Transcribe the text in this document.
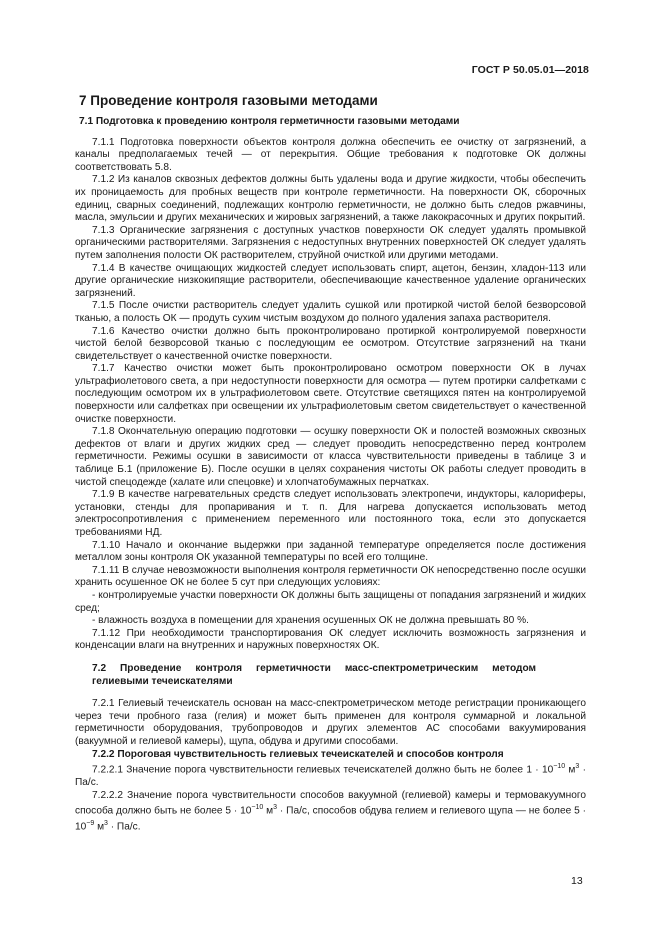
ГОСТ Р 50.05.01—2018

7 Проведение контроля газовыми методами

7.1 Подготовка к проведению контроля герметичности газовыми методами

7.1.1 Подготовка поверхности объектов контроля должна обеспечить ее очистку от загрязнений, а каналы предполагаемых течей — от перекрытия. Общие требования к подготовке ОК должны соответствовать 5.8.

7.1.2 Из каналов сквозных дефектов должны быть удалены вода и другие жидкости, чтобы обеспечить их проницаемость для пробных веществ при контроле герметичности. На поверхности ОК, сборочных единиц, сварных соединений, подлежащих контролю герметичности, не должно быть следов ржавчины, масла, эмульсии и других механических и жировых загрязнений, а также лакокрасочных и других покрытий.

7.1.3 Органические загрязнения с доступных участков поверхности ОК следует удалять промывкой органическими растворителями. Загрязнения с недоступных внутренних поверхностей ОК следует удалять путем заполнения полости ОК растворителем, струйной очисткой или другими методами.

7.1.4 В качестве очищающих жидкостей следует использовать спирт, ацетон, бензин, хладон-113 или другие органические низкокипящие растворители, обеспечивающие качественное удаление органических загрязнений.

7.1.5 После очистки растворитель следует удалить сушкой или протиркой чистой белой безворсовой тканью, а полость ОК — продуть сухим чистым воздухом до полного удаления запаха растворителя.

7.1.6 Качество очистки должно быть проконтролировано протиркой контролируемой поверхности чистой белой безворсовой тканью с последующим ее осмотром. Отсутствие загрязнений на ткани свидетельствует о качественной очистке поверхности.

7.1.7 Качество очистки может быть проконтролировано осмотром поверхности ОК в лучах ультрафиолетового света, а при недоступности поверхности для осмотра — путем протирки салфетками с последующим осмотром их в ультрафиолетовом свете. Отсутствие светящихся пятен на контролируемой поверхности или салфетках при освещении их ультрафиолетовым светом свидетельствует о качественной очистке поверхности.

7.1.8 Окончательную операцию подготовки — осушку поверхности ОК и полостей возможных сквозных дефектов от влаги и других жидких сред — следует проводить непосредственно перед контролем герметичности. Режимы осушки в зависимости от класса чувствительности приведены в таблице 3 и таблице Б.1 (приложение Б). После осушки в целях сохранения чистоты ОК работы следует проводить в чистой спецодежде (халате или спецовке) и хлопчатобумажных перчатках.

7.1.9 В качестве нагревательных средств следует использовать электропечи, индукторы, калориферы, установки, стенды для пропаривания и т. п. Для нагрева допускается использовать метод электросопротивления с применением переменного или постоянного тока, если это допускается требованиями НД.

7.1.10 Начало и окончание выдержки при заданной температуре определяется после достижения металлом зоны контроля ОК указанной температуры по всей его толщине.

7.1.11 В случае невозможности выполнения контроля герметичности ОК непосредственно после осушки хранить осушенное ОК не более 5 сут при следующих условиях:

- контролируемые участки поверхности ОК должны быть защищены от попадания загрязнений и жидких сред;

- влажность воздуха в помещении для хранения осушенных ОК не должна превышать 80 %.

7.1.12 При необходимости транспортирования ОК следует исключить возможность загрязнения и конденсации влаги на внутренних и наружных поверхностях ОК.

7.2 Проведение контроля герметичности масс-спектрометрическим методом гелиевыми течеискателями

7.2.1 Гелиевый течеискатель основан на масс-спектрометрическом методе регистрации проникающего через течи пробного газа (гелия) и может быть применен для контроля суммарной и локальной герметичности оборудования, трубопроводов и других элементов АС способами вакуумирования (вакуумной и гелиевой камеры), щупа, обдува и другими способами.

7.2.2 Пороговая чувствительность гелиевых течеискателей и способов контроля

7.2.2.1 Значение порога чувствительности гелиевых течеискателей должно быть не более $1 \cdot 10^{-10}$ $м^3 \cdot Па/с$.

7.2.2.2 Значение порога чувствительности способов вакуумной (гелиевой) камеры и термовакуумного способа должно быть не более $5 \cdot 10^{-10}$ $м^3 \cdot Па/с$, способов обдува гелием и гелиевого щупа — не более $5 \cdot 10^{-9}$ $м^3 \cdot Па/с$.

13
